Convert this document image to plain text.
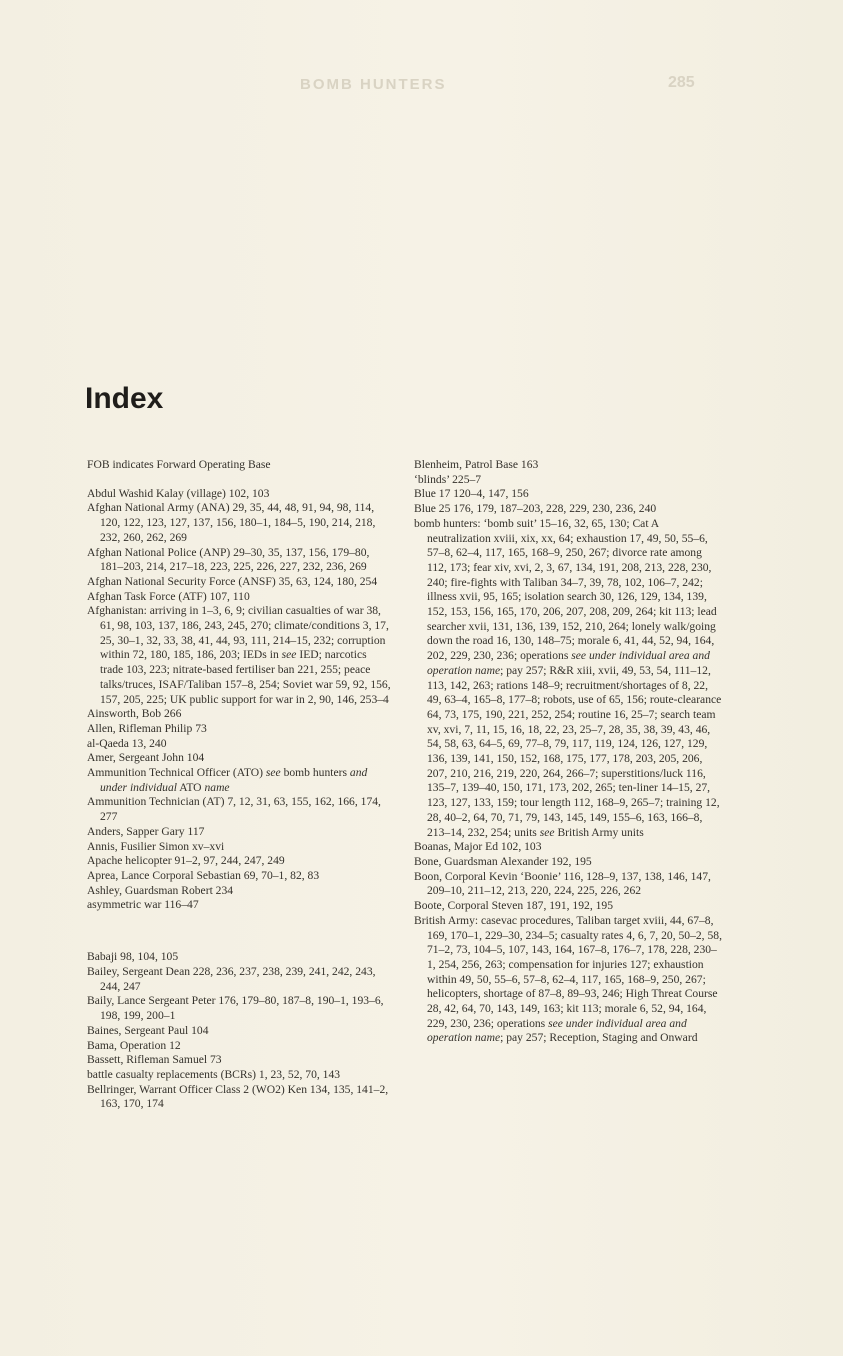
BOMB HUNTERS	285
Index

FOB indicates Forward Operating Base

Abdul Washid Kalay (village) 102, 103

Afghan National Army (ANA) 29, 35, 44, 48, 91, 94, 98, 114, 120, 122, 123, 127, 137, 156, 180–1, 184–5, 190, 214, 218, 232, 260, 262, 269

Afghan National Police (ANP) 29–30, 35, 137, 156, 179–80, 181–203, 214, 217–18, 223, 225, 226, 227, 232, 236, 269

Afghan National Security Force (ANSF) 35, 63, 124, 180, 254

Afghan Task Force (ATF) 107, 110

Afghanistan: arriving in 1–3, 6, 9; civilian casualties of war 38, 61, 98, 103, 137, 186, 243, 245, 270; climate/conditions 3, 17, 25, 30–1, 32, 33, 38, 41, 44, 93, 111, 214–15, 232; corruption within 72, 180, 185, 186, 203; IEDs in see IED; narcotics trade 103, 223; nitrate-based fertiliser ban 221, 255; peace talks/truces, ISAF/Taliban 157–8, 254; Soviet war 59, 92, 156, 157, 205, 225; UK public support for war in 2, 90, 146, 253–4

Ainsworth, Bob 266

Allen, Rifleman Philip 73

al-Qaeda 13, 240

Amer, Sergeant John 104

Ammunition Technical Officer (ATO) see bomb hunters and under individual ATO name

Ammunition Technician (AT) 7, 12, 31, 63, 155, 162, 166, 174, 277

Anders, Sapper Gary 117

Annis, Fusilier Simon xv–xvi

Apache helicopter 91–2, 97, 244, 247, 249

Aprea, Lance Corporal Sebastian 69, 70–1, 82, 83

Ashley, Guardsman Robert 234

asymmetric war 116–47

Babaji 98, 104, 105

Bailey, Sergeant Dean 228, 236, 237, 238, 239, 241, 242, 243, 244, 247

Baily, Lance Sergeant Peter 176, 179–80, 187–8, 190–1, 193–6, 198, 199, 200–1

Baines, Sergeant Paul 104

Bama, Operation 12

Bassett, Rifleman Samuel 73

battle casualty replacements (BCRs) 1, 23, 52, 70, 143

Bellringer, Warrant Officer Class 2 (WO2) Ken 134, 135, 141–2, 163, 170, 174

Blenheim, Patrol Base 163

‘blinds’ 225–7

Blue 17 120–4, 147, 156

Blue 25 176, 179, 187–203, 228, 229, 230, 236, 240

bomb hunters: ‘bomb suit’ 15–16, 32, 65, 130; Cat A neutralization xviii, xix, xx, 64; exhaustion 17, 49, 50, 55–6, 57–8, 62–4, 117, 165, 168–9, 250, 267; divorce rate among 112, 173; fear xiv, xvi, 2, 3, 67, 134, 191, 208, 213, 228, 230, 240; fire-fights with Taliban 34–7, 39, 78, 102, 106–7, 242; illness xvii, 95, 165; isolation search 30, 126, 129, 134, 139, 152, 153, 156, 165, 170, 206, 207, 208, 209, 264; kit 113; lead searcher xvii, 131, 136, 139, 152, 210, 264; lonely walk/going down the road 16, 130, 148–75; morale 6, 41, 44, 52, 94, 164, 202, 229, 230, 236; operations see under individual area and operation name; pay 257; R&R xiii, xvii, 49, 53, 54, 111–12, 113, 142, 263; rations 148–9; recruitment/shortages of 8, 22, 49, 63–4, 165–8, 177–8; robots, use of 65, 156; route-clearance 64, 73, 175, 190, 221, 252, 254; routine 16, 25–7; search team xv, xvi, 7, 11, 15, 16, 18, 22, 23, 25–7, 28, 35, 38, 39, 43, 46, 54, 58, 63, 64–5, 69, 77–8, 79, 117, 119, 124, 126, 127, 129, 136, 139, 141, 150, 152, 168, 175, 177, 178, 203, 205, 206, 207, 210, 216, 219, 220, 264, 266–7; superstitions/luck 116, 135–7, 139–40, 150, 171, 173, 202, 265; ten-liner 14–15, 27, 123, 127, 133, 159; tour length 112, 168–9, 265–7; training 12, 28, 40–2, 64, 70, 71, 79, 143, 145, 149, 155–6, 163, 166–8, 213–14, 232, 254; units see British Army units

Boanas, Major Ed 102, 103

Bone, Guardsman Alexander 192, 195

Boon, Corporal Kevin ‘Boonie’ 116, 128–9, 137, 138, 146, 147, 209–10, 211–12, 213, 220, 224, 225, 226, 262

Boote, Corporal Steven 187, 191, 192, 195

British Army: casevac procedures, Taliban target xviii, 44, 67–8, 169, 170–1, 229–30, 234–5; casualty rates 4, 6, 7, 20, 50–2, 58, 71–2, 73, 104–5, 107, 143, 164, 167–8, 176–7, 178, 228, 230–1, 254, 256, 263; compensation for injuries 127; exhaustion within 49, 50, 55–6, 57–8, 62–4, 117, 165, 168–9, 250, 267; helicopters, shortage of 87–8, 89–93, 246; High Threat Course 28, 42, 64, 70, 143, 149, 163; kit 113; morale 6, 52, 94, 164, 229, 230, 236; operations see under individual area and operation name; pay 257; Reception, Staging and Onward
